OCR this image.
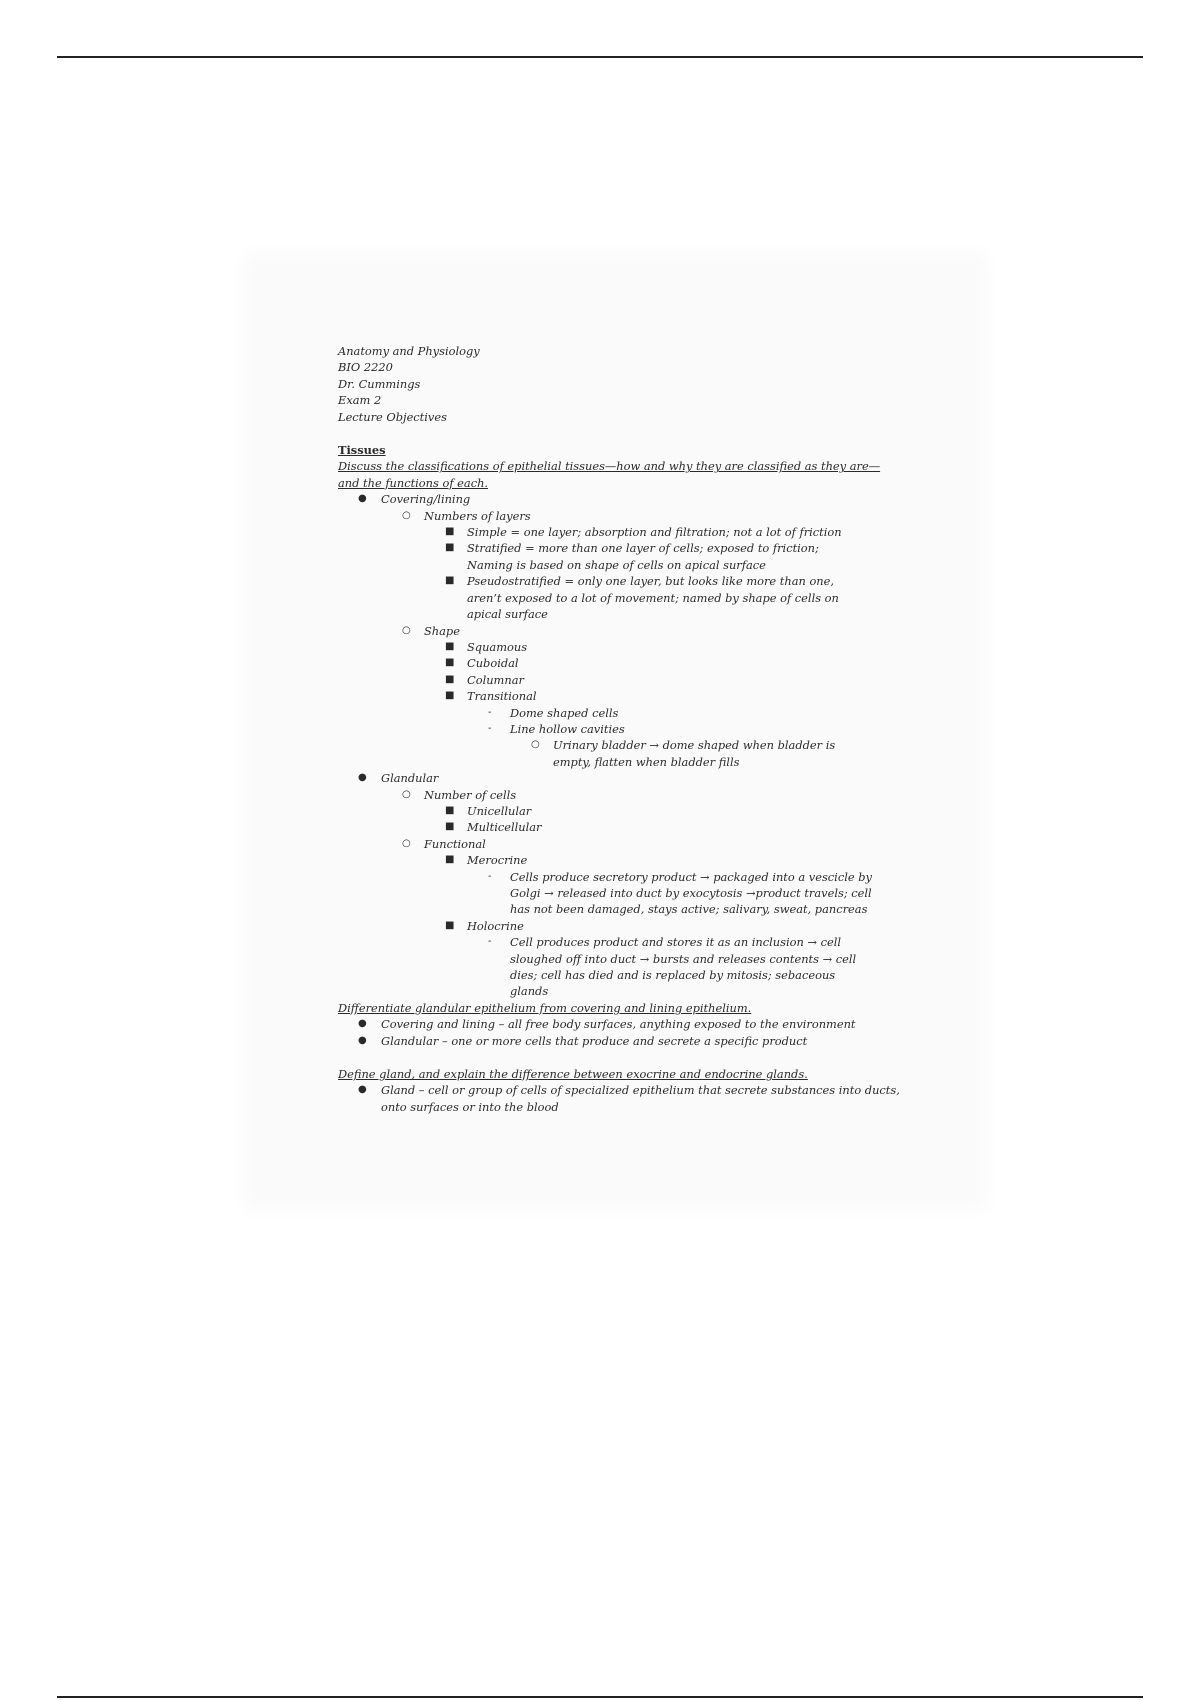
Anatomy and Physiology
BIO 2220
Dr. Cummings
Exam 2
Lecture Objectives
Tissues
Discuss the classifications of epithelial tissues—how and why they are classified as they are—and the functions of each.
● Covering/lining
○ Numbers of layers
■ Simple = one layer; absorption and filtration; not a lot of friction
■ Stratified = more than one layer of cells; exposed to friction; Naming is based on shape of cells on apical surface
■ Pseudostratified = only one layer, but looks like more than one, aren’t exposed to a lot of movement; named by shape of cells on apical surface
○ Shape
■ Squamous
■ Cuboidal
■ Columnar
■ Transitional
- Dome shaped cells
- Line hollow cavities
○ Urinary bladder → dome shaped when bladder is empty, flatten when bladder fills
● Glandular
○ Number of cells
■ Unicellular
■ Multicellular
○ Functional
■ Merocrine
- Cells produce secretory product → packaged into a vescicle by Golgi → released into duct by exocytosis →product travels; cell has not been damaged, stays active; salivary, sweat, pancreas
■ Holocrine
- Cell produces product and stores it as an inclusion → cell sloughed off into duct → bursts and releases contents → cell dies; cell has died and is replaced by mitosis; sebaceous glands
Differentiate glandular epithelium from covering and lining epithelium.
● Covering and lining – all free body surfaces, anything exposed to the environment
● Glandular – one or more cells that produce and secrete a specific product
Define gland, and explain the difference between exocrine and endocrine glands.
● Gland – cell or group of cells of specialized epithelium that secrete substances into ducts, onto surfaces or into the blood
